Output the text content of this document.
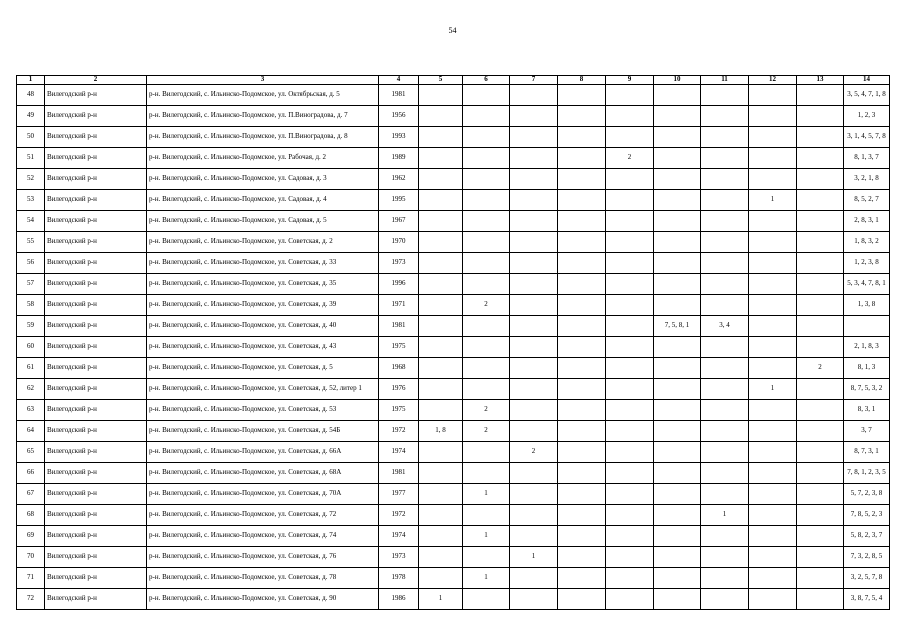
54
1	2	3	4	5	6	7	8	9	10	11	12	13	14
48	Вилегодский р-н	р-н. Вилегодский, с. Ильинско-Подомское, ул. Октябрьская, д. 5	1981										3, 5, 4, 7, 1, 8
49	Вилегодский р-н	р-н. Вилегодский, с. Ильинско-Подомское, ул. П.Виноградова, д. 7	1956										1, 2, 3
50	Вилегодский р-н	р-н. Вилегодский, с. Ильинско-Подомское, ул. П.Виноградова, д. 8	1993										3, 1, 4, 5, 7, 8
51	Вилегодский р-н	р-н. Вилегодский, с. Ильинско-Подомское, ул. Рабочая, д. 2	1989					2					8, 1, 3, 7
52	Вилегодский р-н	р-н. Вилегодский, с. Ильинско-Подомское, ул. Садовая, д. 3	1962										3, 2, 1, 8
53	Вилегодский р-н	р-н. Вилегодский, с. Ильинско-Подомское, ул. Садовая, д. 4	1995								1		8, 5, 2, 7
54	Вилегодский р-н	р-н. Вилегодский, с. Ильинско-Подомское, ул. Садовая, д. 5	1967										2, 8, 3, 1
55	Вилегодский р-н	р-н. Вилегодский, с. Ильинско-Подомское, ул. Советская, д. 2	1970										1, 8, 3, 2
56	Вилегодский р-н	р-н. Вилегодский, с. Ильинско-Подомское, ул. Советская, д. 33	1973										1, 2, 3, 8
57	Вилегодский р-н	р-н. Вилегодский, с. Ильинско-Подомское, ул. Советская, д. 35	1996										5, 3, 4, 7, 8, 1
58	Вилегодский р-н	р-н. Вилегодский, с. Ильинско-Подомское, ул. Советская, д. 39	1971		2								1, 3, 8
59	Вилегодский р-н	р-н. Вилегодский, с. Ильинско-Подомское, ул. Советская, д. 40	1981						7, 5, 8, 1	3, 4			
60	Вилегодский р-н	р-н. Вилегодский, с. Ильинско-Подомское, ул. Советская, д. 43	1975										2, 1, 8, 3
61	Вилегодский р-н	р-н. Вилегодский, с. Ильинско-Подомское, ул. Советская, д. 5	1968									2	8, 1, 3
62	Вилегодский р-н	р-н. Вилегодский, с. Ильинско-Подомское, ул. Советская, д. 52, литер 1	1976								1		8, 7, 5, 3, 2
63	Вилегодский р-н	р-н. Вилегодский, с. Ильинско-Подомское, ул. Советская, д. 53	1975		2								8, 3, 1
64	Вилегодский р-н	р-н. Вилегодский, с. Ильинско-Подомское, ул. Советская, д. 54Б	1972	1, 8	2								3, 7
65	Вилегодский р-н	р-н. Вилегодский, с. Ильинско-Подомское, ул. Советская, д. 66А	1974			2							8, 7, 3, 1
66	Вилегодский р-н	р-н. Вилегодский, с. Ильинско-Подомское, ул. Советская, д. 68А	1981										7, 8, 1, 2, 3, 5
67	Вилегодский р-н	р-н. Вилегодский, с. Ильинско-Подомское, ул. Советская, д. 70А	1977		1								5, 7, 2, 3, 8
68	Вилегодский р-н	р-н. Вилегодский, с. Ильинско-Подомское, ул. Советская, д. 72	1972							1			7, 8, 5, 2, 3
69	Вилегодский р-н	р-н. Вилегодский, с. Ильинско-Подомское, ул. Советская, д. 74	1974		1								5, 8, 2, 3, 7
70	Вилегодский р-н	р-н. Вилегодский, с. Ильинско-Подомское, ул. Советская, д. 76	1973			1							7, 3, 2, 8, 5
71	Вилегодский р-н	р-н. Вилегодский, с. Ильинско-Подомское, ул. Советская, д. 78	1978		1								3, 2, 5, 7, 8
72	Вилегодский р-н	р-н. Вилегодский, с. Ильинско-Подомское, ул. Советская, д. 90	1986	1									3, 8, 7, 5, 4
